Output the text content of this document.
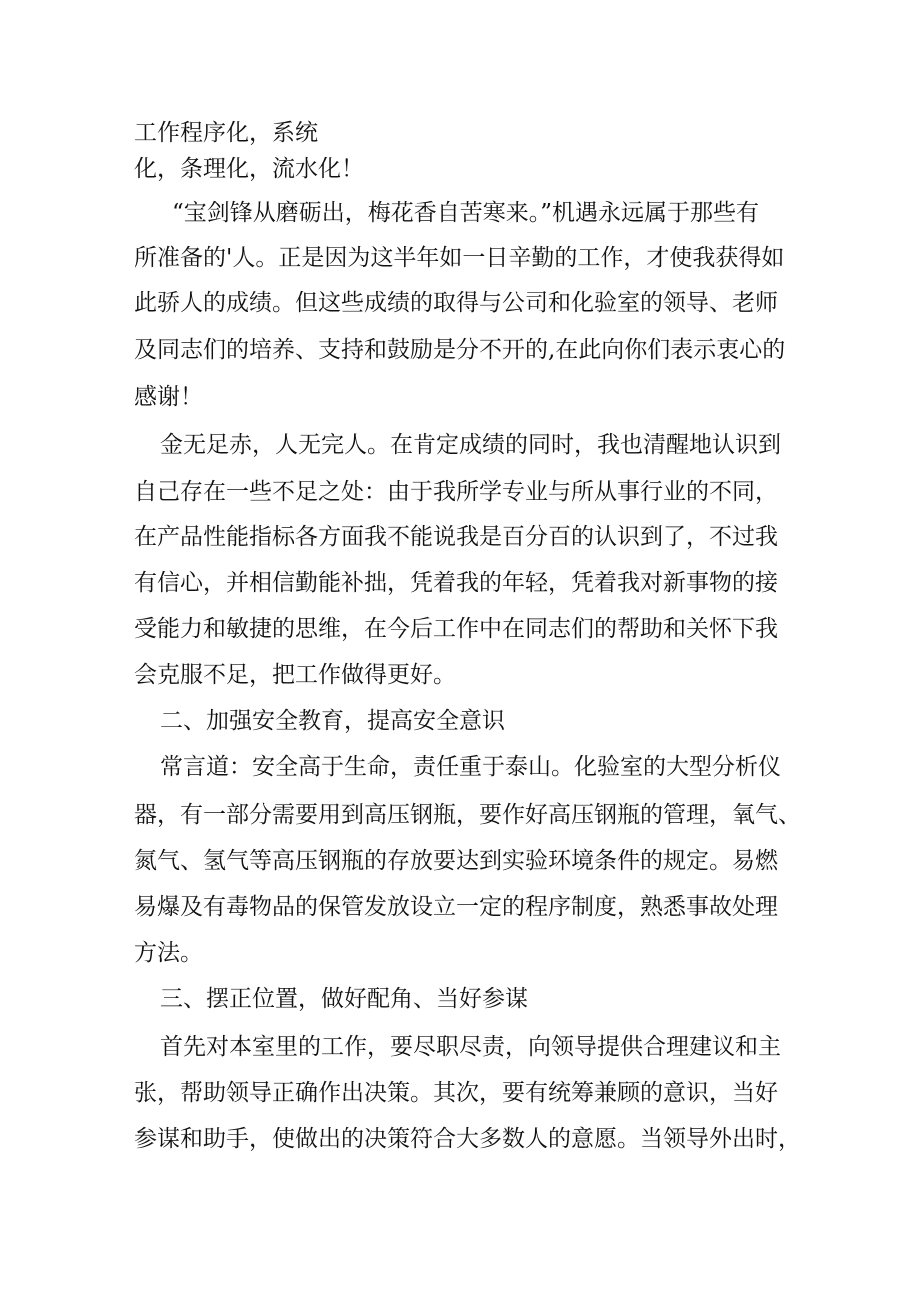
工作程序化，系统
化，条理化，流水化！
“宝剑锋从磨砺出，梅花香自苦寒来。”机遇永远属于那些有
所准备的'人。正是因为这半年如一日辛勤的工作，才使我获得如
此骄人的成绩。但这些成绩的取得与公司和化验室的领导、老师
及同志们的培养、支持和鼓励是分不开的,在此向你们表示衷心的
感谢！
金无足赤，人无完人。在肯定成绩的同时，我也清醒地认识到
自己存在一些不足之处：由于我所学专业与所从事行业的不同，
在产品性能指标各方面我不能说我是百分百的认识到了，不过我
有信心，并相信勤能补拙，凭着我的年轻，凭着我对新事物的接
受能力和敏捷的思维，在今后工作中在同志们的帮助和关怀下我
会克服不足，把工作做得更好。
二、加强安全教育，提高安全意识
常言道：安全高于生命，责任重于泰山。化验室的大型分析仪
器，有一部分需要用到高压钢瓶，要作好高压钢瓶的管理，氧气、
氮气、氢气等高压钢瓶的存放要达到实验环境条件的规定。易燃
易爆及有毒物品的保管发放设立一定的程序制度，熟悉事故处理
方法。
三、摆正位置，做好配角、当好参谋
首先对本室里的工作，要尽职尽责，向领导提供合理建议和主
张，帮助领导正确作出决策。其次，要有统筹兼顾的意识，当好
参谋和助手，使做出的决策符合大多数人的意愿。当领导外出时，
